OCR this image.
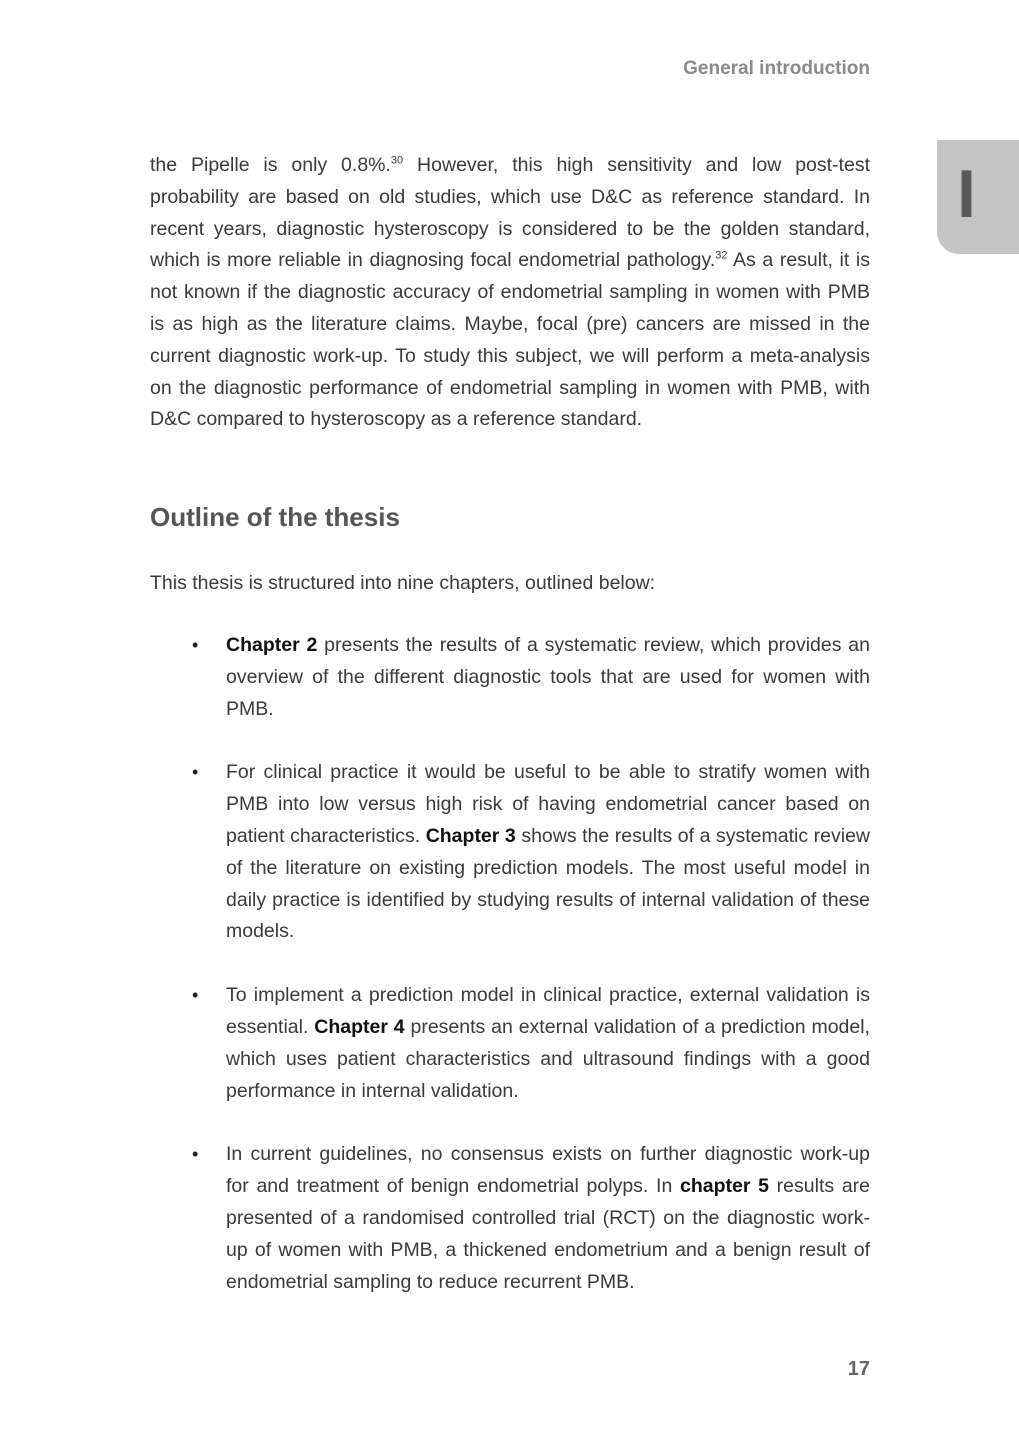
General introduction
I

the Pipelle is only 0.8%.$^{30}$ However, this high sensitivity and low post-test probability are based on old studies, which use D&C as reference standard. In recent years, diagnostic hysteroscopy is considered to be the golden standard, which is more reliable in diagnosing focal endometrial pathology.$^{32}$ As a result, it is not known if the diagnostic accuracy of endometrial sampling in women with PMB is as high as the literature claims. Maybe, focal (pre) cancers are missed in the current diagnostic work-up. To study this subject, we will perform a meta-analysis on the diagnostic performance of endometrial sampling in women with PMB, with D&C compared to hysteroscopy as a reference standard.

Outline of the thesis

This thesis is structured into nine chapters, outlined below:

• Chapter 2 presents the results of a systematic review, which provides an overview of the different diagnostic tools that are used for women with PMB.
• For clinical practice it would be useful to be able to stratify women with PMB into low versus high risk of having endometrial cancer based on patient characteristics. Chapter 3 shows the results of a systematic review of the literature on existing prediction models. The most useful model in daily practice is identified by studying results of internal validation of these models.
• To implement a prediction model in clinical practice, external validation is essential. Chapter 4 presents an external validation of a prediction model, which uses patient characteristics and ultrasound findings with a good performance in internal validation.
• In current guidelines, no consensus exists on further diagnostic work-up for and treatment of benign endometrial polyps. In chapter 5 results are presented of a randomised controlled trial (RCT) on the diagnostic work-up of women with PMB, a thickened endometrium and a benign result of endometrial sampling to reduce recurrent PMB.
17
